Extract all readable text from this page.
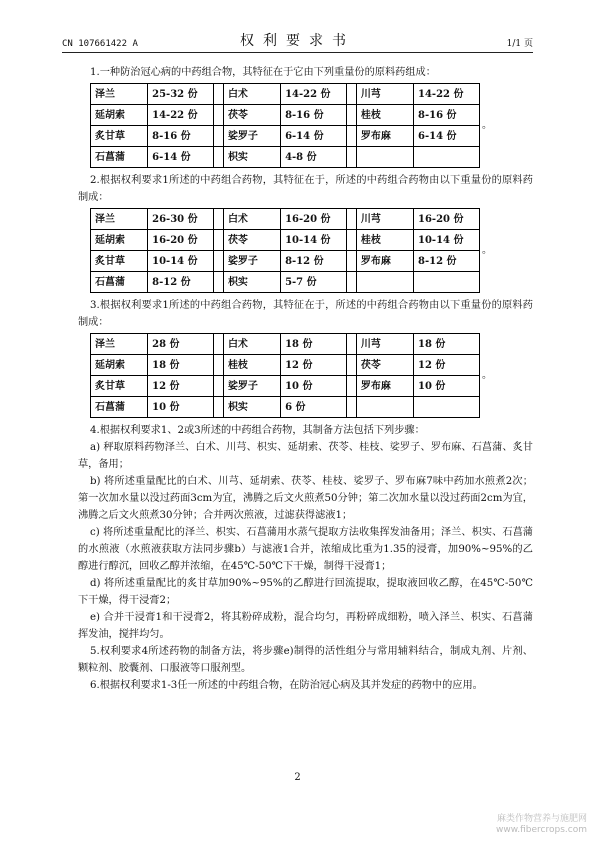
CN 107661422 A	权利要求书	1/1 页

1.一种防治冠心病的中药组合物，其特征在于它由下列重量份的原料药组成：

泽兰	25-32 份		白术	14-22 份		川芎	14-22 份
延胡索	14-22 份		茯苓	8-16 份		桂枝	8-16 份
炙甘草	8-16 份		娑罗子	6-14 份		罗布麻	6-14 份
石菖蒲	6-14 份		枳实	4-8 份			
。

2.根据权利要求1所述的中药组合药物，其特征在于，所述的中药组合药物由以下重量份的原料药制成：

泽兰	26-30 份		白术	16-20 份		川芎	16-20 份
延胡索	16-20 份		茯苓	10-14 份		桂枝	10-14 份
炙甘草	10-14 份		娑罗子	8-12 份		罗布麻	8-12 份
石菖蒲	8-12 份		枳实	5-7 份			
。

3.根据权利要求1所述的中药组合药物，其特征在于，所述的中药组合药物由以下重量份的原料药制成：

泽兰	28 份		白术	18 份		川芎	18 份
延胡索	18 份		桂枝	12 份		茯苓	12 份
炙甘草	12 份		娑罗子	10 份		罗布麻	10 份
石菖蒲	10 份		枳实	6 份			
。

4.根据权利要求1、2或3所述的中药组合药物，其制备方法包括下列步骤：

a) 秤取原料药物泽兰、白术、川芎、枳实、延胡索、茯苓、桂枝、娑罗子、罗布麻、石菖蒲、炙甘草，备用；

b) 将所述重量配比的白术、川芎、延胡索、茯苓、桂枝、娑罗子、罗布麻7味中药加水煎煮2次；第一次加水量以没过药面3cm为宜，沸腾之后文火煎煮50分钟；第二次加水量以没过药面2cm为宜，沸腾之后文火煎煮30分钟；合并两次煎液，过滤获得滤液1；

c) 将所述重量配比的泽兰、枳实、石菖蒲用水蒸气提取方法收集挥发油备用；泽兰、枳实、石菖蒲的水煎液（水煎液获取方法同步骤b）与滤液1合并，浓缩成比重为1.35的浸膏，加90%~95%的乙醇进行醇沉，回收乙醇并浓缩，在45℃-50℃下干燥，制得干浸膏1；

d) 将所述重量配比的炙甘草加90%~95%的乙醇进行回流提取，提取液回收乙醇，在45℃-50℃下干燥，得干浸膏2；

e) 合并干浸膏1和干浸膏2，将其粉碎成粉，混合均匀，再粉碎成细粉，喷入泽兰、枳实、石菖蒲挥发油，搅拌均匀。

5.权利要求4所述药物的制备方法，将步骤e)制得的活性组分与常用辅料结合，制成丸剂、片剂、颗粒剂、胶囊剂、口服液等口服剂型。

6.根据权利要求1-3任一所述的中药组合物，在防治冠心病及其并发症的药物中的应用。

2
麻类作物营养与施肥网
www.fibercrops.com
